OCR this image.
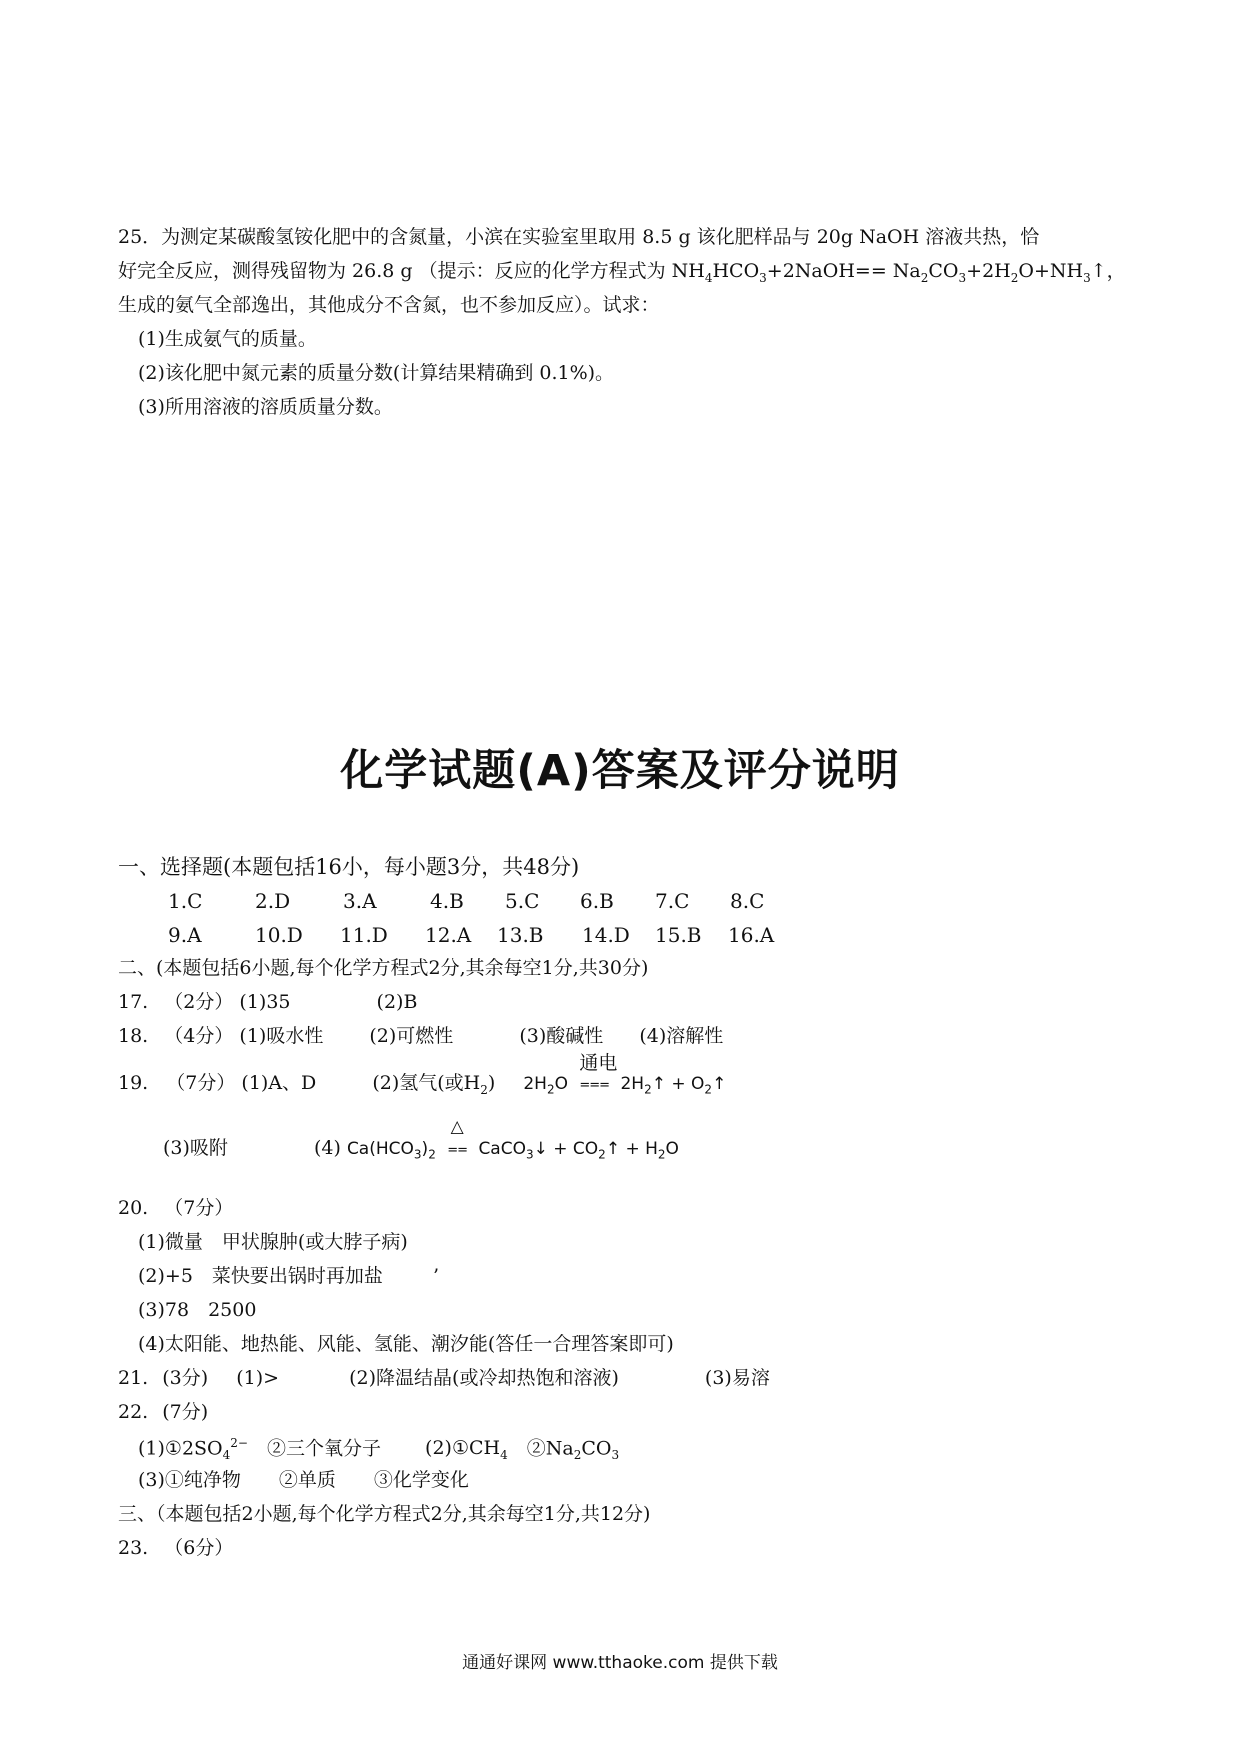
25．为测定某碳酸氢铵化肥中的含氮量，小滨在实验室里取用 8.5 g 该化肥样品与 20g NaOH 溶液共热，恰
好完全反应，测得残留物为 26.8 g （提示：反应的化学方程式为 $NH_4HCO_3+2NaOH==$ $Na_2CO_3+2H_2O+NH_3↑$，
生成的氨气全部逸出，其他成分不含氮，也不参加反应）。试求：
(1)生成氨气的质量。
(2)该化肥中氮元素的质量分数(计算结果精确到 0.1%)。
(3)所用溶液的溶质质量分数。
化学试题(A)答案及评分说明
一、选择题(本题包括16小，每小题3分，共48分)
1.C	2.D	3.A	4.B 5.C 6.B 7.C 8.C
9.A	10.D 11.D 12.A 13.B 14.D 15.B 16.A
二、(本题包括6小题,每个化学方程式2分,其余每空1分,共30分)
17. （2分） (1)35	(2)B
18. （4分） (1)吸水性 (2)可燃性	(3)酸碱性 (4)溶解性
19. （7分） (1)A、D	(2)氢气(或$H_2$) $2H_2O$
通电
=== $2H_2↑$ + $O_2↑$
(3)吸附	(4) $Ca(HCO_3)_2$
△
== CaCO$_3$↓ + $CO_2↑ + H_2O$
20. （7分）
(1)微量　甲状腺肿(或大脖子病)
(2)+5　菜快要出锅时再加盐	’
(3)78　2500
(4)太阳能、地热能、风能、氢能、潮汐能(答任一合理答案即可)
21. (3分) (1)>	(2)降温结晶(或冷却热饱和溶液)	(3)易溶
22. (7分)
$(1)①2SO_4^{2-}$　②三个氧分子 $(2)①CH_4$　$②Na_2CO_3$
(3)①纯净物　　②单质　　③化学变化
三、（本题包括2小题,每个化学方程式2分,其余每空1分,共12分)
23. （6分）
通通好课网 www.tthaoke.com 提供下载
